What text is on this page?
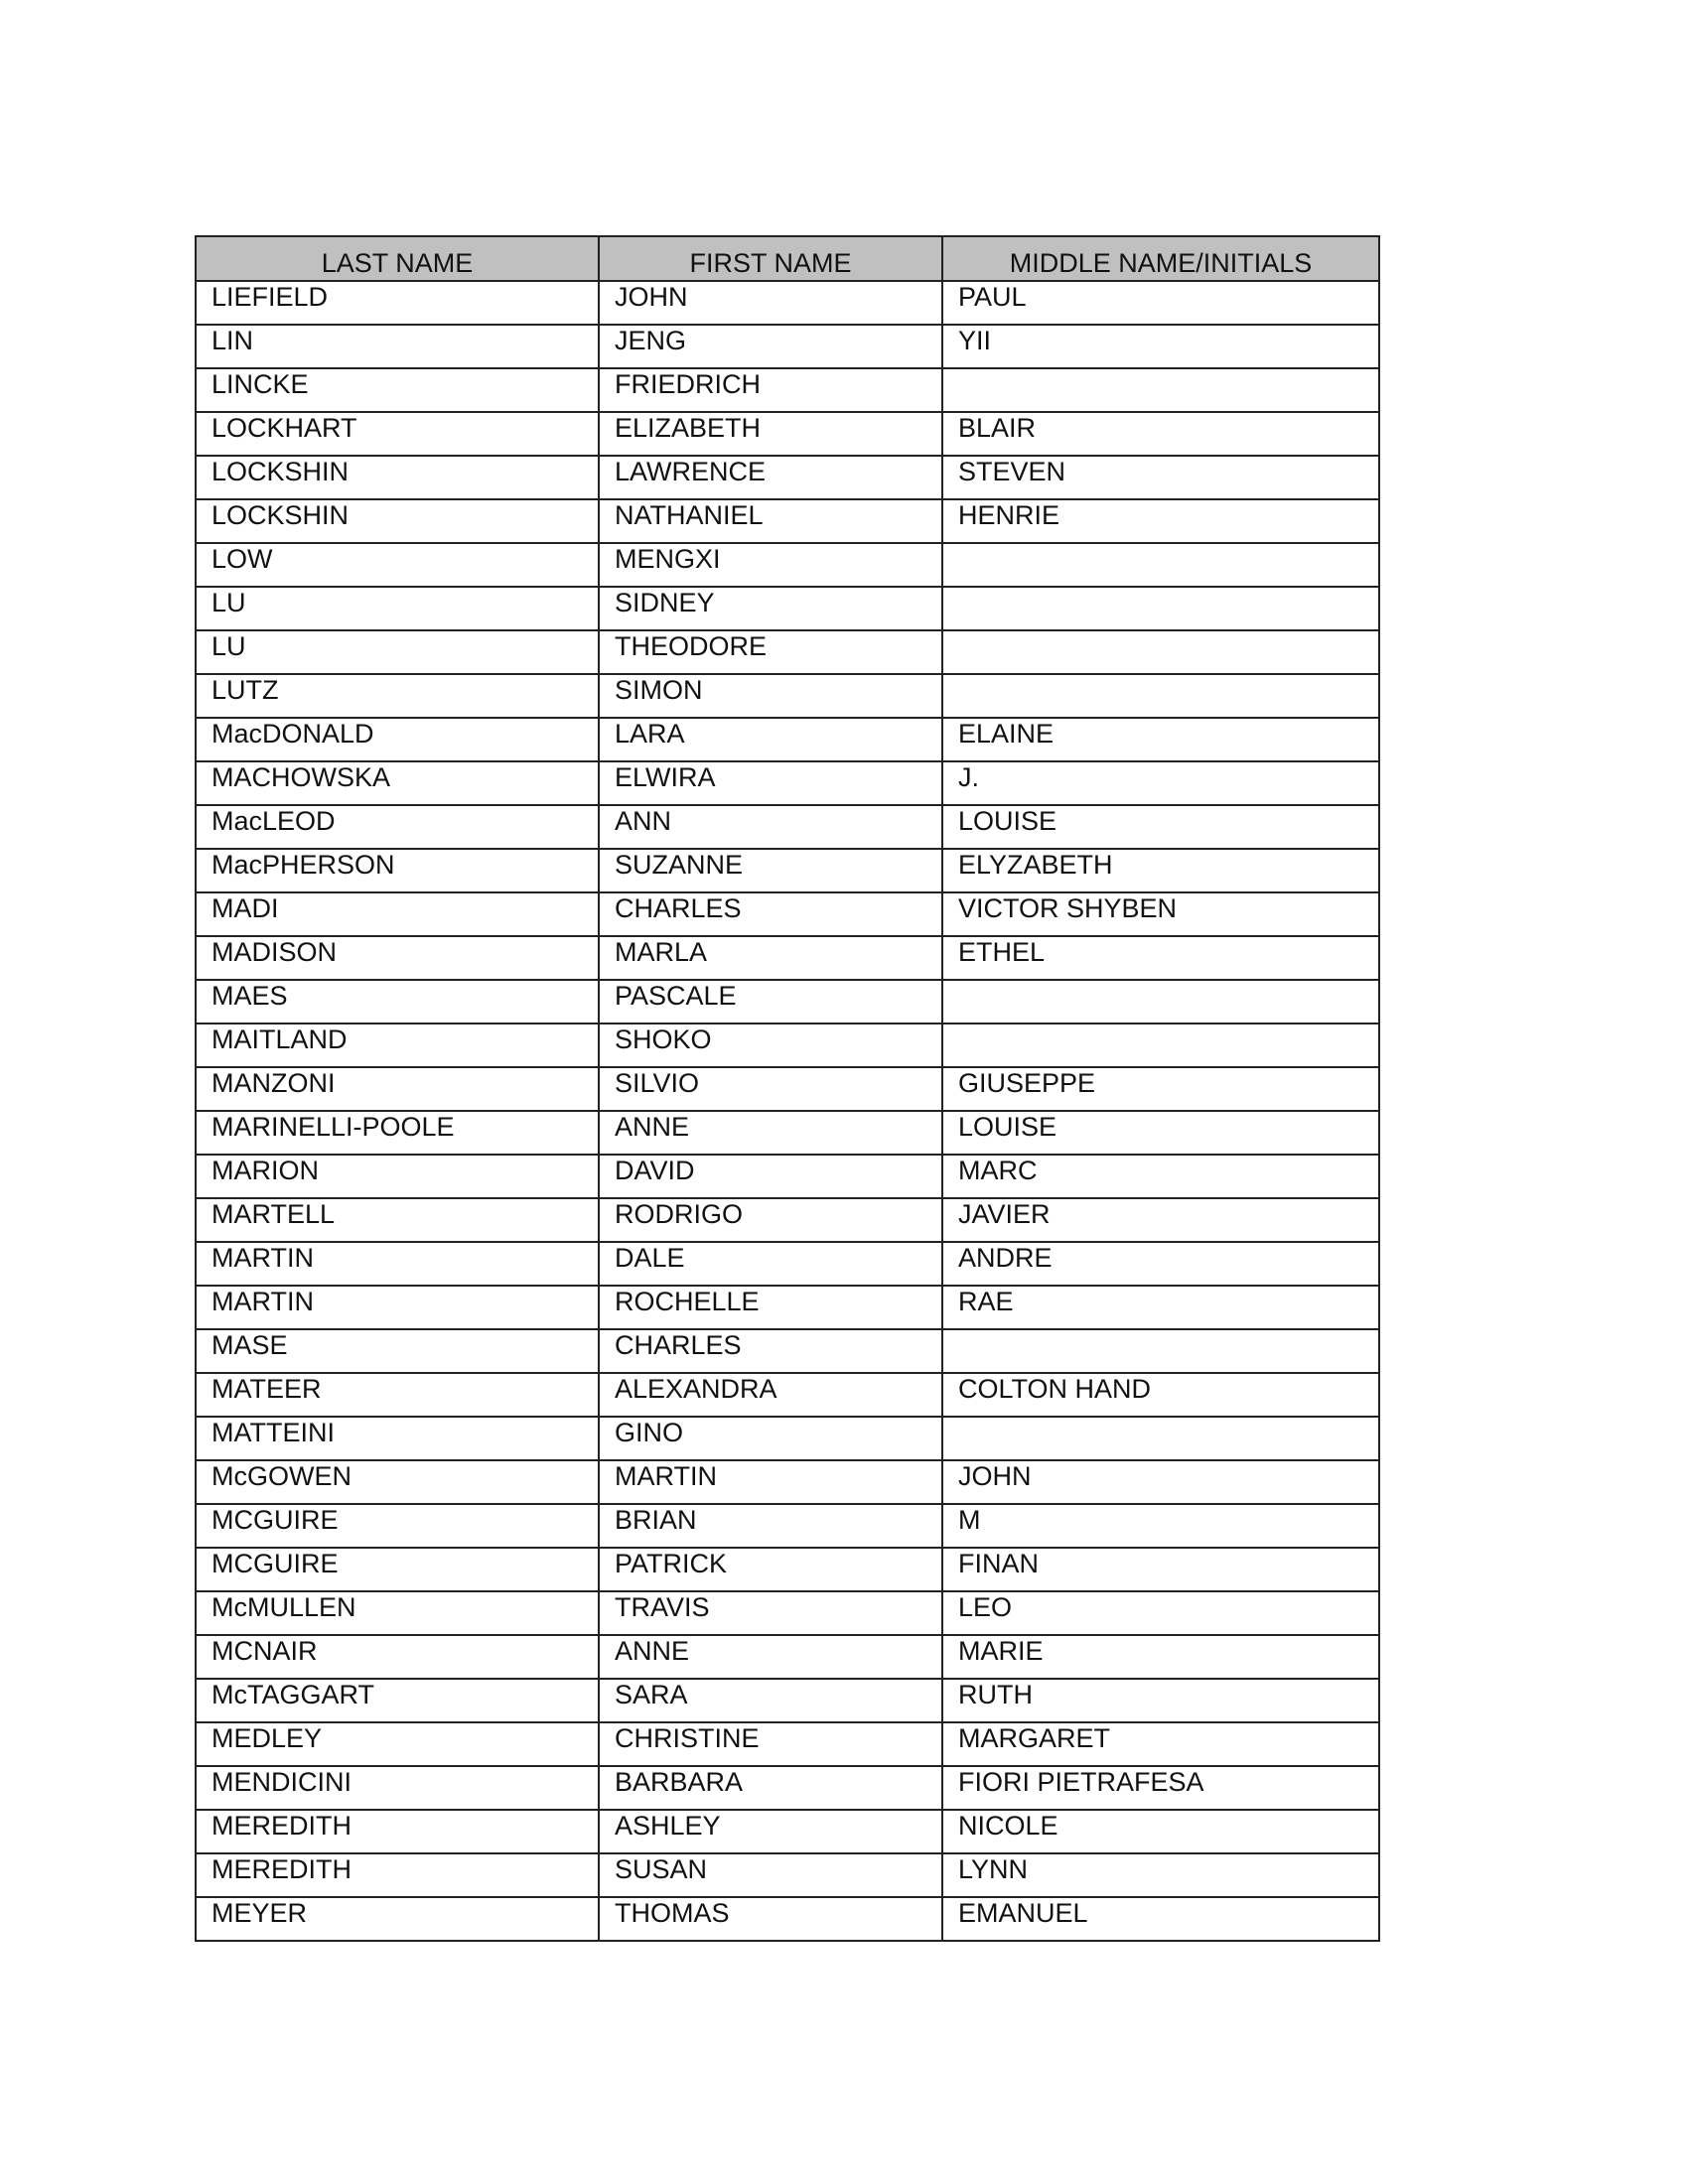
LAST NAME	FIRST NAME	MIDDLE NAME/INITIALS
LIEFIELD	JOHN	PAUL
LIN	JENG	YII
LINCKE	FRIEDRICH	
LOCKHART	ELIZABETH	BLAIR
LOCKSHIN	LAWRENCE	STEVEN
LOCKSHIN	NATHANIEL	HENRIE
LOW	MENGXI	
LU	SIDNEY	
LU	THEODORE	
LUTZ	SIMON	
MacDONALD	LARA	ELAINE
MACHOWSKA	ELWIRA	J.
MacLEOD	ANN	LOUISE
MacPHERSON	SUZANNE	ELYZABETH
MADI	CHARLES	VICTOR SHYBEN
MADISON	MARLA	ETHEL
MAES	PASCALE	
MAITLAND	SHOKO	
MANZONI	SILVIO	GIUSEPPE
MARINELLI-POOLE	ANNE	LOUISE
MARION	DAVID	MARC
MARTELL	RODRIGO	JAVIER
MARTIN	DALE	ANDRE
MARTIN	ROCHELLE	RAE
MASE	CHARLES	
MATEER	ALEXANDRA	COLTON HAND
MATTEINI	GINO	
McGOWEN	MARTIN	JOHN
MCGUIRE	BRIAN	M
MCGUIRE	PATRICK	FINAN
McMULLEN	TRAVIS	LEO
MCNAIR	ANNE	MARIE
McTAGGART	SARA	RUTH
MEDLEY	CHRISTINE	MARGARET
MENDICINI	BARBARA	FIORI PIETRAFESA
MEREDITH	ASHLEY	NICOLE
MEREDITH	SUSAN	LYNN
MEYER	THOMAS	EMANUEL
